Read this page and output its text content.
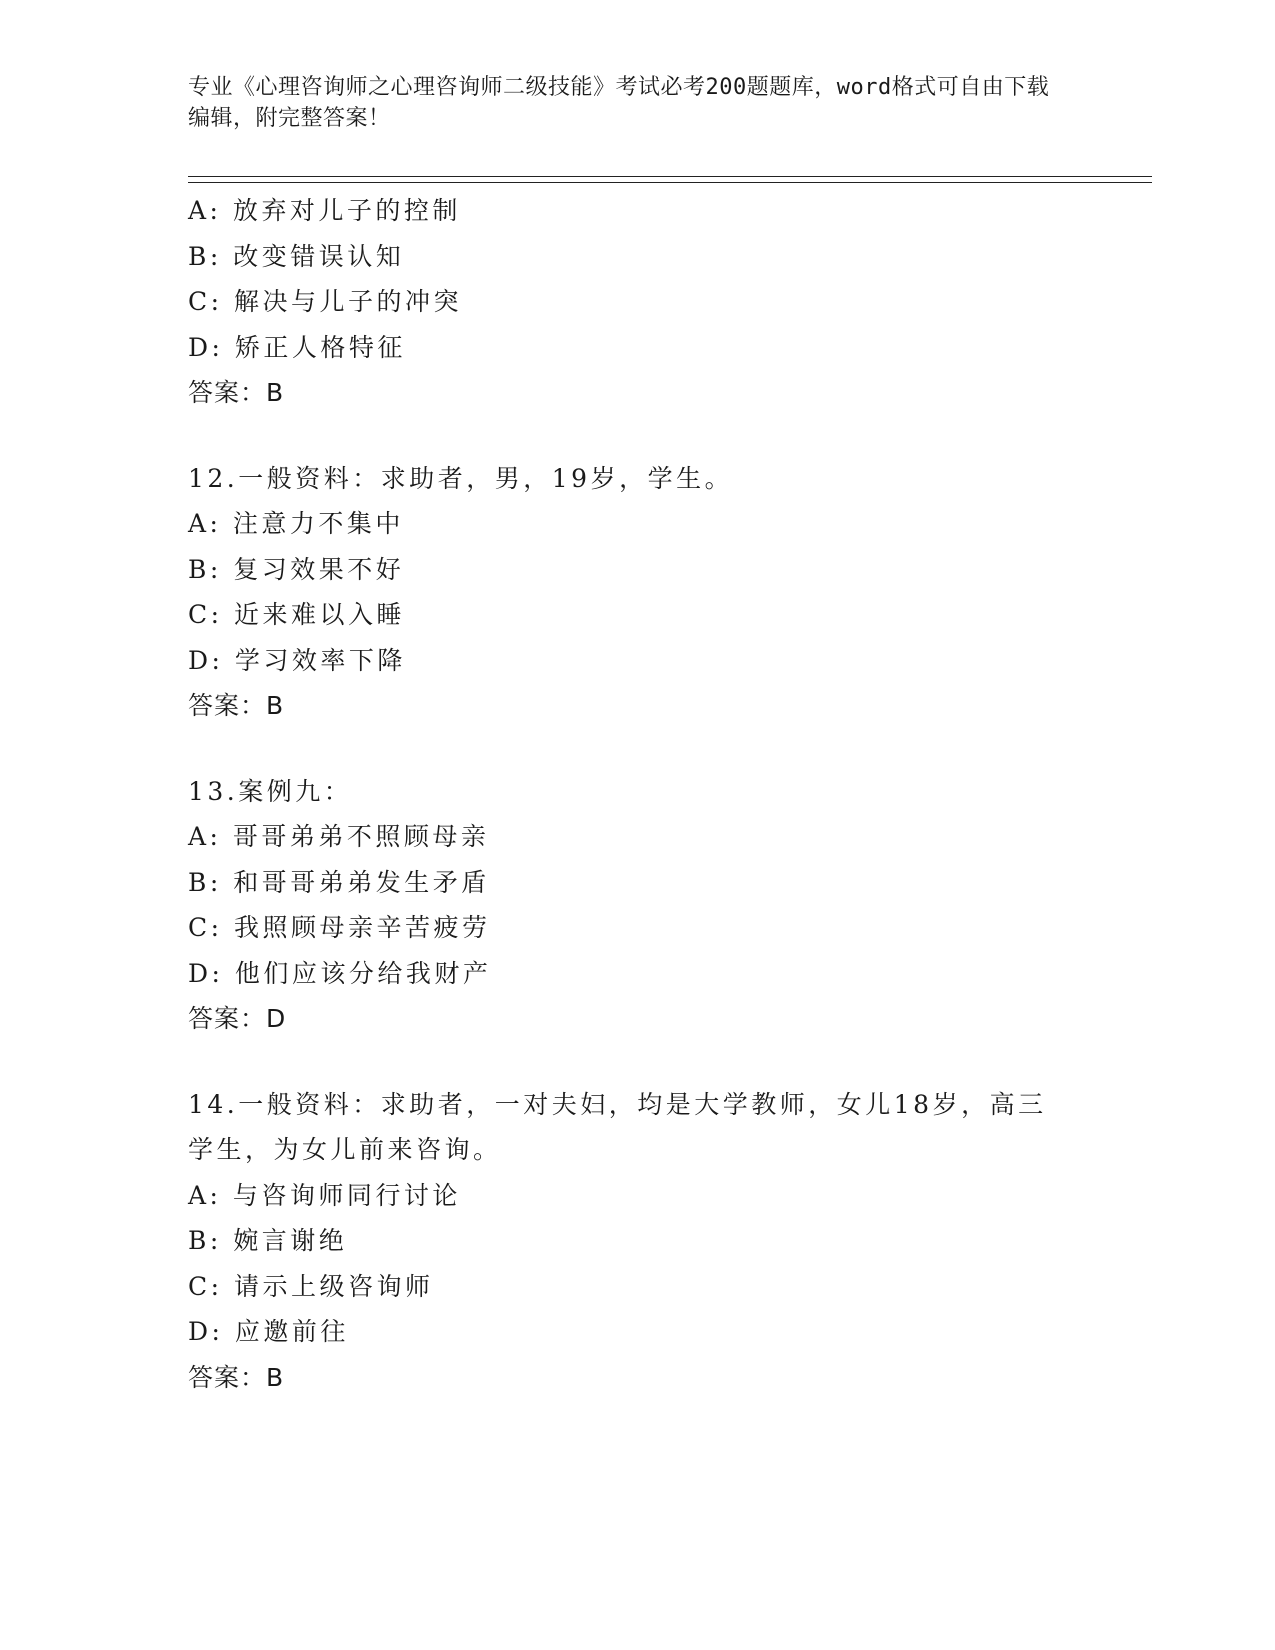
专业《心理咨询师之心理咨询师二级技能》考试必考200题题库，word格式可自由下载编辑，附完整答案！
A: 放弃对儿子的控制
B: 改变错误认知
C: 解决与儿子的冲突
D: 矫正人格特征
答案：B
12.一般资料：求助者，男，19岁，学生。
A: 注意力不集中
B: 复习效果不好
C: 近来难以入睡
D: 学习效率下降
答案：B
13.案例九：
A: 哥哥弟弟不照顾母亲
B: 和哥哥弟弟发生矛盾
C: 我照顾母亲辛苦疲劳
D: 他们应该分给我财产
答案：D
14.一般资料：求助者，一对夫妇，均是大学教师，女儿18岁，高三学生，为女儿前来咨询。
A: 与咨询师同行讨论
B: 婉言谢绝
C: 请示上级咨询师
D: 应邀前往
答案：B
